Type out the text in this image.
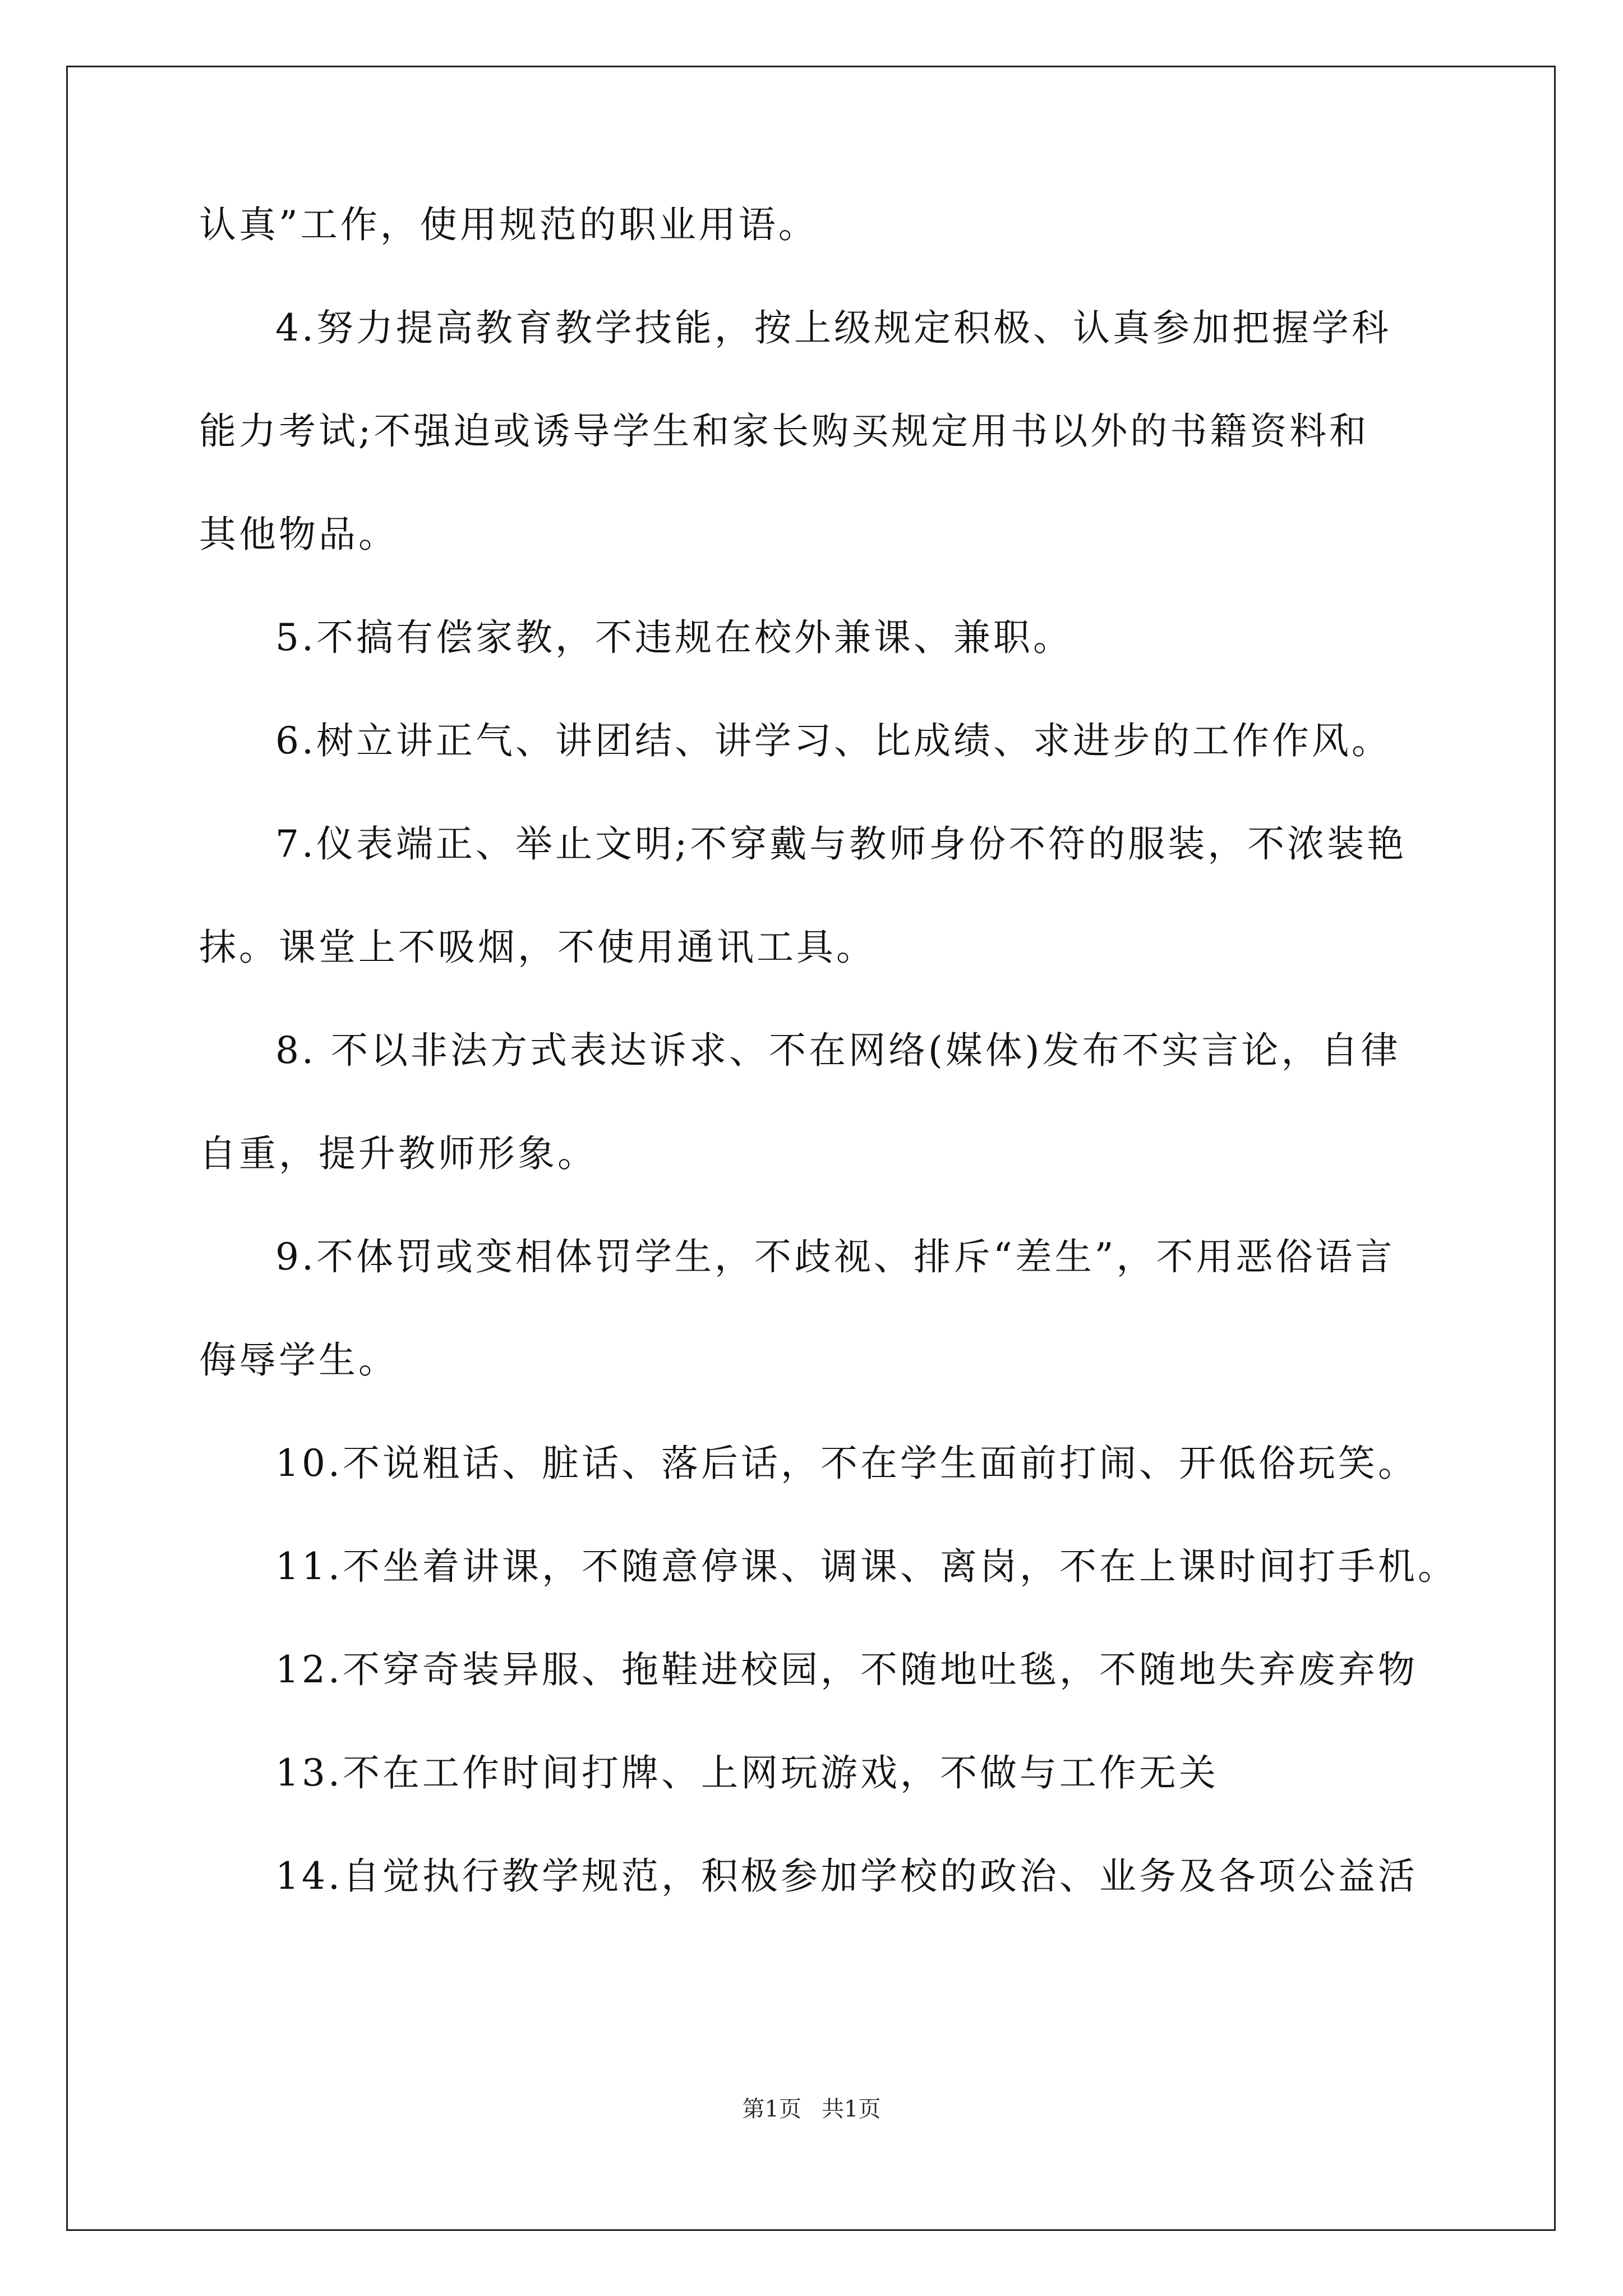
认真”工作，使用规范的职业用语。
4.努力提高教育教学技能，按上级规定积极、认真参加把握学科
能力考试;不强迫或诱导学生和家长购买规定用书以外的书籍资料和
其他物品。
5.不搞有偿家教，不违规在校外兼课、兼职。
6.树立讲正气、讲团结、讲学习、比成绩、求进步的工作作风。
7.仪表端正、举止文明;不穿戴与教师身份不符的服装，不浓装艳
抹。课堂上不吸烟，不使用通讯工具。
8. 不以非法方式表达诉求、不在网络(媒体)发布不实言论，自律
自重，提升教师形象。
9.不体罚或变相体罚学生，不歧视、排斥“差生”，不用恶俗语言
侮辱学生。
10.不说粗话、脏话、落后话，不在学生面前打闹、开低俗玩笑。
11.不坐着讲课，不随意停课、调课、离岗，不在上课时间打手机。
12.不穿奇装异服、拖鞋进校园，不随地吐毯，不随地失弃废弃物
13.不在工作时间打牌、上网玩游戏，不做与工作无关
14.自觉执行教学规范，积极参加学校的政治、业务及各项公益活
第1页 共1页
